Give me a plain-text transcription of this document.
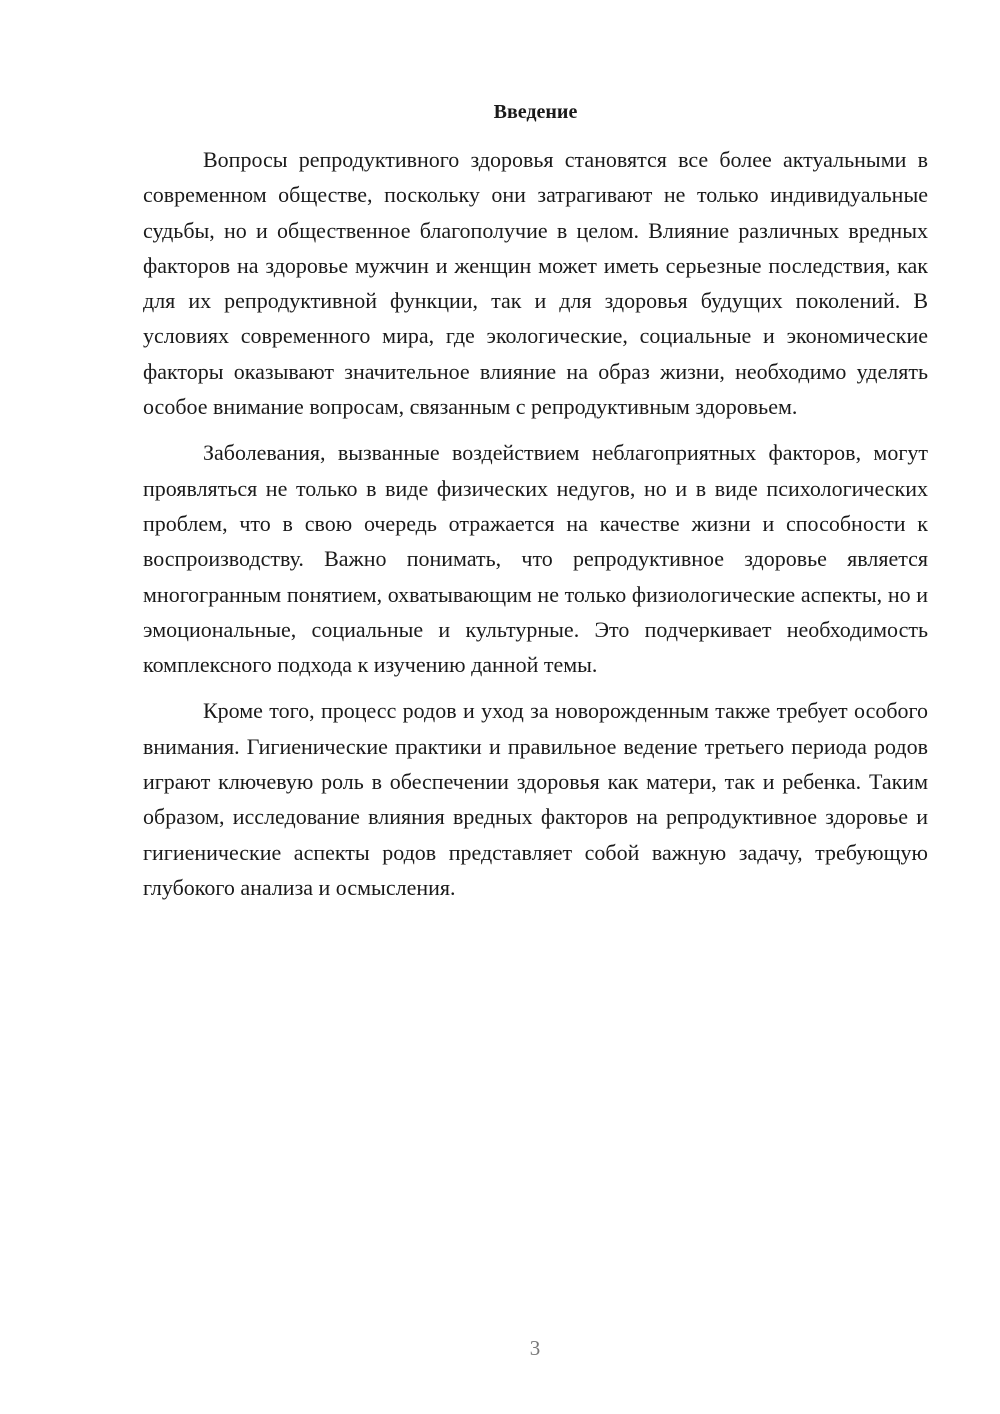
Введение

Вопросы репродуктивного здоровья становятся все более актуальными в современном обществе, поскольку они затрагивают не только индивидуальные судьбы, но и общественное благополучие в целом. Влияние различных вредных факторов на здоровье мужчин и женщин может иметь серьезные последствия, как для их репродуктивной функции, так и для здоровья будущих поколений. В условиях современного мира, где экологические, социальные и экономические факторы оказывают значительное влияние на образ жизни, необходимо уделять особое внимание вопросам, связанным с репродуктивным здоровьем.

Заболевания, вызванные воздействием неблагоприятных факторов, могут проявляться не только в виде физических недугов, но и в виде психологических проблем, что в свою очередь отражается на качестве жизни и способности к воспроизводству. Важно понимать, что репродуктивное здоровье является многогранным понятием, охватывающим не только физиологические аспекты, но и эмоциональные, социальные и культурные. Это подчеркивает необходимость комплексного подхода к изучению данной темы.

Кроме того, процесс родов и уход за новорожденным также требует особого внимания. Гигиенические практики и правильное ведение третьего периода родов играют ключевую роль в обеспечении здоровья как матери, так и ребенка. Таким образом, исследование влияния вредных факторов на репродуктивное здоровье и гигиенические аспекты родов представляет собой важную задачу, требующую глубокого анализа и осмысления.

3
